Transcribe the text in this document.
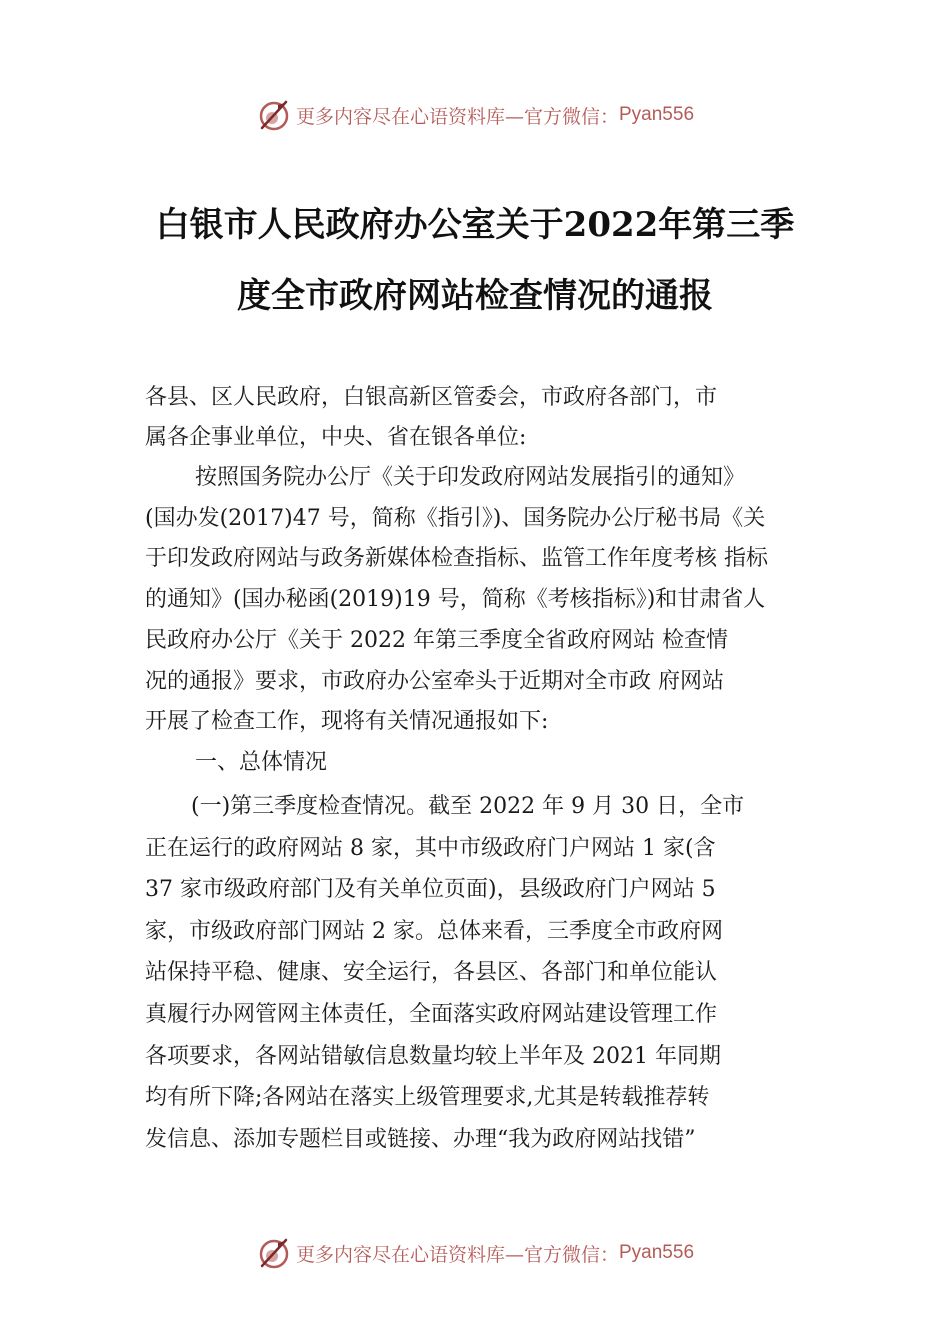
更多内容尽在心语资料库—官方微信： Pyan556
白银市人民政府办公室关于2022年第三季
度全市政府网站检查情况的通报
各县、区人民政府，白银高新区管委会，市政府各部门，市
属各企事业单位，中央、省在银各单位:
按照国务院办公厅《关于印发政府网站发展指引的通知》
(国办发(2017)47 号，简称《指引》)、国务院办公厅秘书局《关
于印发政府网站与政务新媒体检查指标、监管工作年度考核 指标
的通知》(国办秘函(2019)19 号，简称《考核指标》)和甘肃省人
民政府办公厅《关于 2022 年第三季度全省政府网站 检查情
况的通报》要求，市政府办公室牵头于近期对全市政 府网站
开展了检查工作，现将有关情况通报如下:
一、总体情况
(一)第三季度检查情况。截至 2022 年 9 月 30 日，全市
正在运行的政府网站 8 家，其中市级政府门户网站 1 家(含
37 家市级政府部门及有关单位页面)，县级政府门户网站 5
家，市级政府部门网站 2 家。总体来看，三季度全市政府网
站保持平稳、健康、安全运行，各县区、各部门和单位能认
真履行办网管网主体责任，全面落实政府网站建设管理工作
各项要求，各网站错敏信息数量均较上半年及 2021 年同期
均有所下降;各网站在落实上级管理要求,尤其是转载推荐转
发信息、添加专题栏目或链接、办理“我为政府网站找错”
更多内容尽在心语资料库—官方微信： Pyan556
